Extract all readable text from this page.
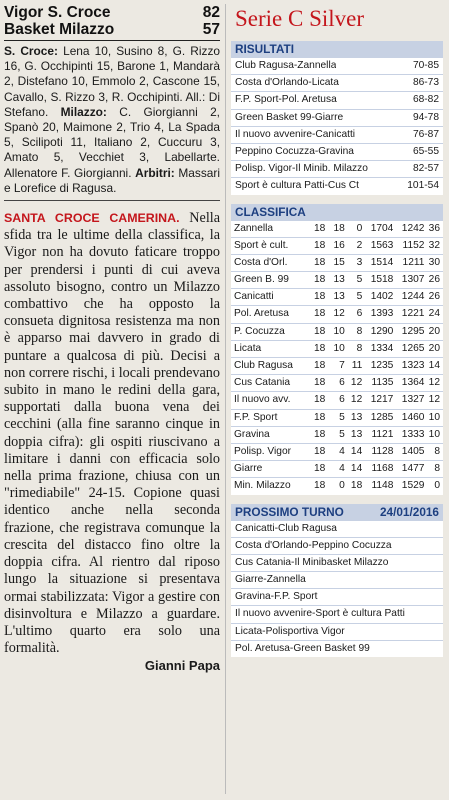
Vigor S. Croce	82
Basket Milazzo	57
S. Croce: Lena 10, Susino 8, G. Rizzo 16, G. Occhipinti 15, Barone 1, Mandarà 2, Distefano 10, Emmolo 2, Cascone 15, Cavallo, S. Rizzo 3, R. Occhipinti. All.: Di Stefano. Milazzo: C. Giorgianni 2, Spanò 20, Maimone 2, Trio 4, La Spada 5, Scilipoti 11, Italiano 2, Cuccuru 3, Amato 5, Vecchiet 3, Labellarte. Allenatore F. Giorgianni. Arbitri: Massari e Lorefice di Ragusa.
SANTA CROCE CAMERINA. Nella sfida tra le ultime della classifica, la Vigor non ha dovuto faticare troppo per prendersi i punti di cui aveva assoluto bisogno, contro un Milazzo combattivo che ha opposto la consueta dignitosa resistenza ma non è apparso mai davvero in grado di puntare a qualcosa di più. Decisi a non correre rischi, i locali prendevano subito in mano le redini della gara, supportati dalla buona vena dei cecchini (alla fine saranno cinque in doppia cifra): gli ospiti riuscivano a limitare i danni con efficacia solo nella prima frazione, chiusa con un "rimediabile" 24-15. Copione quasi identico anche nella seconda frazione, che registrava comunque la crescita del distacco fino oltre la doppia cifra. Al rientro dal riposo lungo la situazione si presentava ormai stabilizzata: Vigor a gestire con disinvoltura e Milazzo a guardare. L'ultimo quarto era solo una formalità.
Gianni Papa
Serie C Silver
RISULTATI
Club Ragusa-Zannella	70-85
Costa d'Orlando-Licata	86-73
F.P. Sport-Pol. Aretusa	68-82
Green Basket 99-Giarre	94-78
Il nuovo avvenire-Canicatti	76-87
Peppino Cocuzza-Gravina	65-55
Polisp. Vigor-Il Minib. Milazzo	82-57
Sport è cultura Patti-Cus Ct	101-54
CLASSIFICA
Zannella	18 18	0 1704 1242 36
Sport è cult.	18 16	2 1563 1152 32
Costa d'Orl.	18 15	3 1514 1211 30
Green B. 99	18 13	5 1518 1307 26
Canicatti	18 13	5 1402 1244 26
Pol. Aretusa	18 12	6 1393 1221 24
P. Cocuzza	18 10	8 1290 1295 20
Licata	18 10	8 1334 1265 20
Club Ragusa	18	7 11 1235 1323 14
Cus Catania	18	6 12 1135 1364 12
Il nuovo avv.	18	6 12 1217 1327 12
F.P. Sport	18	5 13 1285 1460 10
Gravina	18	5 13 1121 1333 10
Polisp. Vigor	18	4 14 1128 1405 8
Giarre	18	4 14 1168 1477 8
Min. Milazzo	18	0 18 1148 1529 0
PROSSIMO TURNO	24/01/2016
Canicatti-Club Ragusa
Costa d'Orlando-Peppino Cocuzza
Cus Catania-Il Minibasket Milazzo
Giarre-Zannella
Gravina-F.P. Sport
Il nuovo avvenire-Sport è cultura Patti
Licata-Polisportiva Vigor
Pol. Aretusa-Green Basket 99
